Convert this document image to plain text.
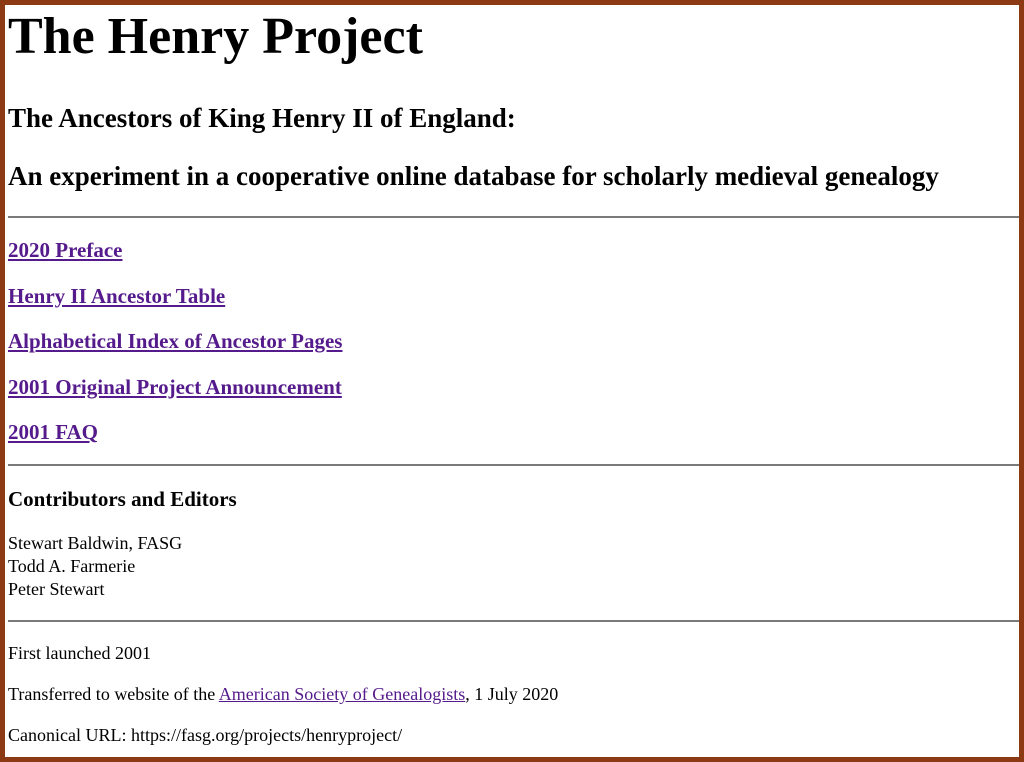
The Henry Project
The Ancestors of King Henry II of England:
An experiment in a cooperative online database for scholarly medieval genealogy
2020 Preface
Henry II Ancestor Table
Alphabetical Index of Ancestor Pages
2001 Original Project Announcement
2001 FAQ
Contributors and Editors
Stewart Baldwin, FASG
Todd A. Farmerie
Peter Stewart

First launched 2001

Transferred to website of the American Society of Genealogists, 1 July 2020

Canonical URL: https://fasg.org/projects/henryproject/
